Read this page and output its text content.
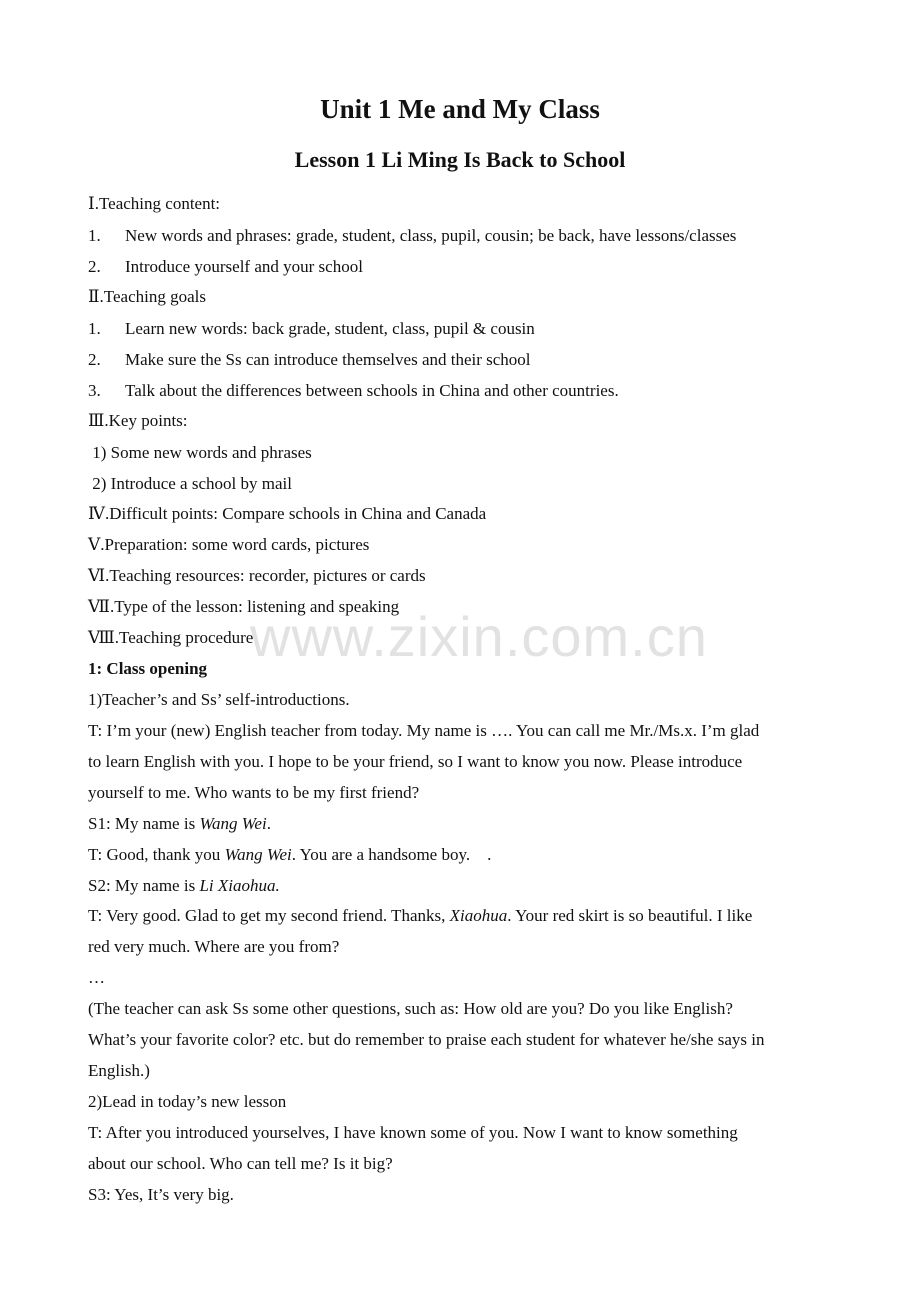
Unit 1 Me and My Class
Lesson 1 Li Ming Is Back to School
Ⅰ.Teaching content:
1. New words and phrases: grade, student, class, pupil, cousin; be back, have lessons/classes
2. Introduce yourself and your school
Ⅱ.Teaching goals
1. Learn new words: back grade, student, class, pupil & cousin
2. Make sure the Ss can introduce themselves and their school
3. Talk about the differences between schools in China and other countries.
Ⅲ.Key points:
1) Some new words and phrases
2) Introduce a school by mail
Ⅳ.Difficult points: Compare schools in China and Canada
Ⅴ.Preparation: some word cards, pictures
Ⅵ.Teaching resources: recorder, pictures or cards
Ⅶ.Type of the lesson: listening and speaking
Ⅷ.Teaching procedure
1: Class opening
1)Teacher’s and Ss’ self-introductions.
T: I’m your (new) English teacher from today. My name is …. You can call me Mr./Ms.x. I’m glad
to learn English with you. I hope to be your friend, so I want to know you now. Please introduce
yourself to me. Who wants to be my first friend?
S1: My name is Wang Wei.
T: Good, thank you Wang Wei. You are a handsome boy.    .
S2: My name is Li Xiaohua.
T: Very good. Glad to get my second friend. Thanks, Xiaohua. Your red skirt is so beautiful. I like
red very much. Where are you from?
…
(The teacher can ask Ss some other questions, such as: How old are you? Do you like English?
What’s your favorite color? etc. but do remember to praise each student for whatever he/she says in
English.)
2)Lead in today’s new lesson
T: After you introduced yourselves, I have known some of you. Now I want to know something
about our school. Who can tell me? Is it big?
S3: Yes, It’s very big.
www.zixin.com.cn
